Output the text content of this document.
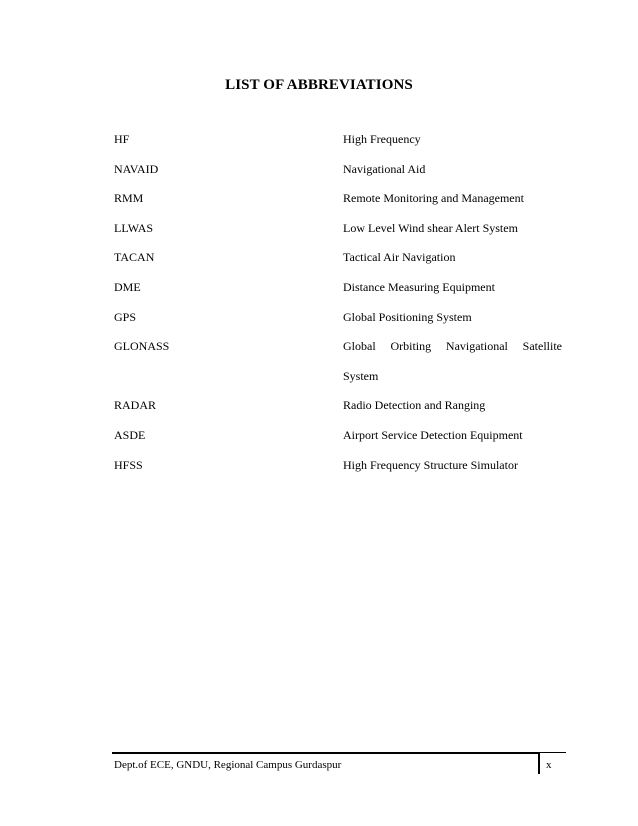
LIST OF ABBREVIATIONS
HF	High Frequency
NAVAID	Navigational Aid
RMM	Remote Monitoring and Management
LLWAS	Low Level Wind shear Alert System
TACAN	Tactical Air Navigation
DME	Distance Measuring Equipment
GPS	Global Positioning System
GLONASS	Global Orbiting Navigational Satellite
System
RADAR	Radio Detection and Ranging
ASDE	Airport Service Detection Equipment
HFSS	High Frequency Structure Simulator
Dept.of ECE, GNDU, Regional Campus Gurdaspur	x
